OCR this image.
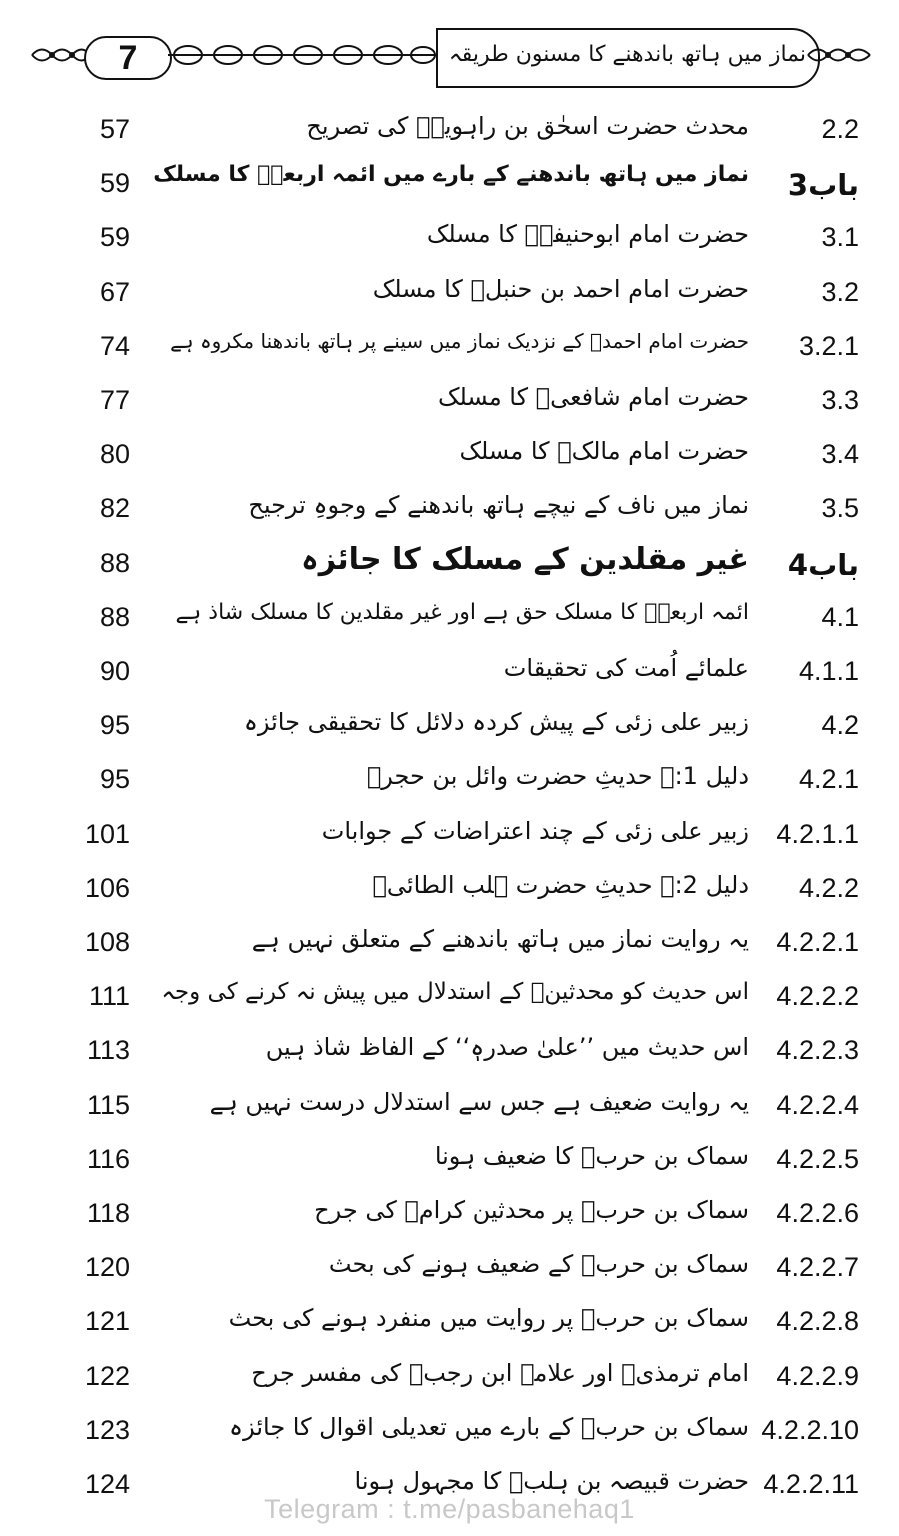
7	نماز میں ہاتھ باندھنے کا مسنون طریقہ
2.2
محدث حضرت اسحٰق بن راہویہؒ کی تصریح
57
باب3
نماز میں ہاتھ باندھنے کے بارے میں ائمہ اربعہؒ کا مسلک
59
3.1
حضرت امام ابوحنیفہؒ کا مسلک
59
3.2
حضرت امام احمد بن حنبلؒ کا مسلک
67
3.2.1
حضرت امام احمدؒ کے نزدیک نماز میں سینے پر ہاتھ باندھنا مکروہ ہے
74
3.3
حضرت امام شافعیؒ کا مسلک
77
3.4
حضرت امام مالکؒ کا مسلک
80
3.5
نماز میں ناف کے نیچے ہاتھ باندھنے کے وجوہِ ترجیح
82
باب4
غیر مقلدین کے مسلک کا جائزہ
88
4.1
ائمہ اربعہؒ کا مسلک حق ہے اور غیر مقلدین کا مسلک شاذ ہے
88
4.1.1
علمائے اُمت کی تحقیقات
90
4.2
زبیر علی زئی کے پیش کردہ دلائل کا تحقیقی جائزہ
95
4.2.1
دلیل 1:۔ حدیثِ حضرت وائل بن حجرؓ
95
4.2.1.1
زبیر علی زئی کے چند اعتراضات کے جوابات
101
4.2.2
دلیل 2:۔ حدیثِ حضرت ہلب الطائیؓ
106
4.2.2.1
یہ روایت نماز میں ہاتھ باندھنے کے متعلق نہیں ہے
108
4.2.2.2
اس حدیث کو محدثینؒ کے استدلال میں پیش نہ کرنے کی وجہ
111
4.2.2.3
اس حدیث میں ’’علیٰ صدرہٖ‘‘ کے الفاظ شاذ ہیں
113
4.2.2.4
یہ روایت ضعیف ہے جس سے استدلال درست نہیں ہے
115
4.2.2.5
سماک بن حربؒ کا ضعیف ہونا
116
4.2.2.6
سماک بن حربؒ پر محدثین کرامؒ کی جرح
118
4.2.2.7
سماک بن حربؒ کے ضعیف ہونے کی بحث
120
4.2.2.8
سماک بن حربؒ پر روایت میں منفرد ہونے کی بحث
121
4.2.2.9
امام ترمذیؒ اور علامہ ابن رجبؒ کی مفسر جرح
122
4.2.2.10
سماک بن حربؒ کے بارے میں تعدیلی اقوال کا جائزہ
123
4.2.2.11
حضرت قبیصہ بن ہلبؒ کا مجہول ہونا
124
Telegram : t.me/pasbanehaq1
